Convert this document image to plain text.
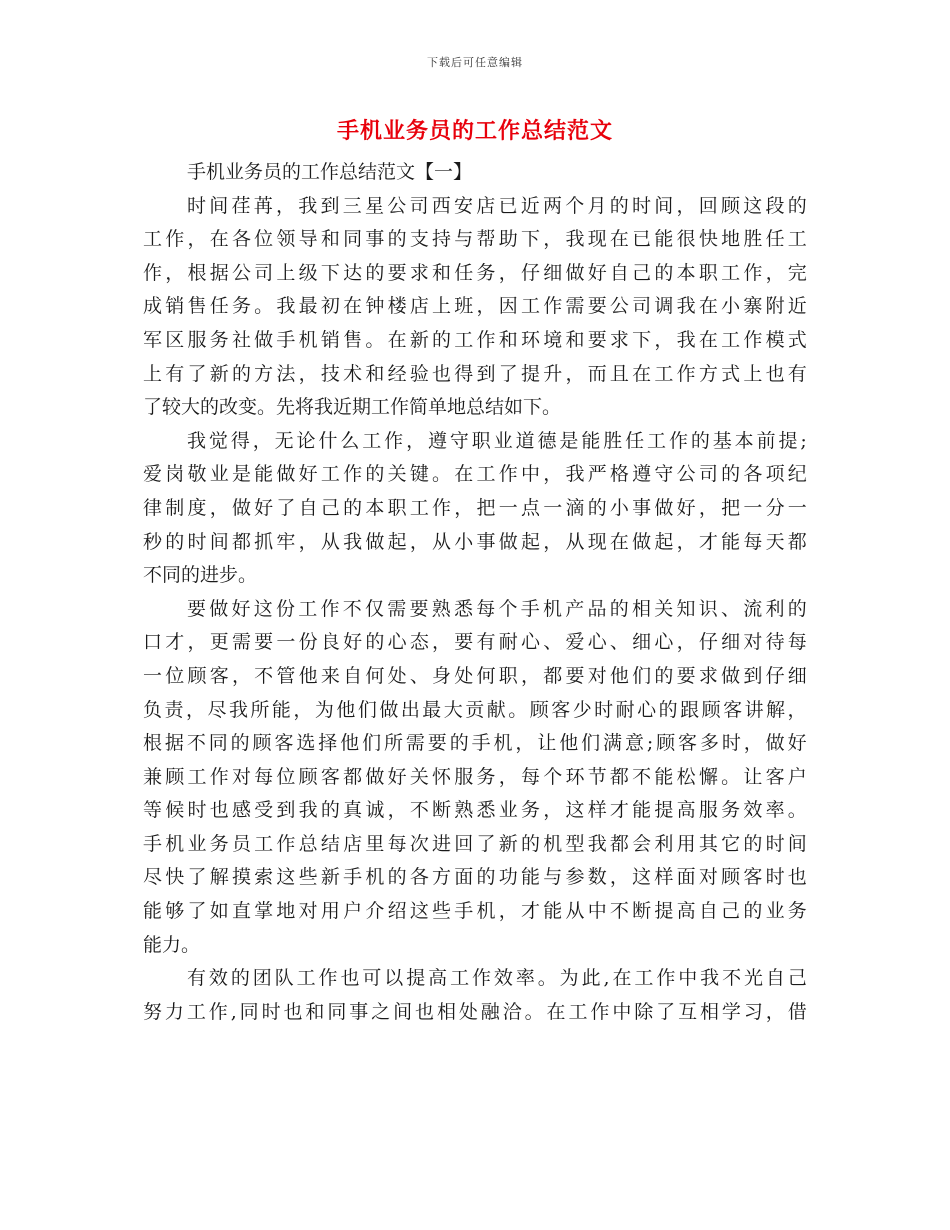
下载后可任意编辑
手机业务员的工作总结范文
手机业务员的工作总结范文【一】
时 间 荏 苒 ， 我 到 三 星 公 司 西 安 店 已 近 两 个 月 的 时 间 ， 回 顾 这 段 的
工 作 ， 在 各 位 领 导 和 同 事 的 支 持 与 帮 助 下 ， 我 现 在 已 能 很 快 地 胜 任 工
作 ， 根 据 公 司 上 级 下 达 的 要 求 和 任 务 ， 仔 细 做 好 自 己 的 本 职 工 作 ， 完
成 销 售 任 务 。 我 最 初 在 钟 楼 店 上 班 ， 因 工 作 需 要 公 司 调 我 在 小 寨 附 近
军 区 服 务 社 做 手 机 销 售 。 在 新 的 工 作 和 环 境 和 要 求 下 ， 我 在 工 作 模 式
上 有 了 新 的 方 法 ， 技 术 和 经 验 也 得 到 了 提 升 ， 而 且 在 工 作 方 式 上 也 有
了较大的改变。先将我近期工作简单地总结如下。
我 觉 得 ， 无 论 什 么 工 作 ， 遵 守 职 业 道 德 是 能 胜 任 工 作 的 基 本 前 提 ;
爱 岗 敬 业 是 能 做 好 工 作 的 关 键 。 在 工 作 中 ， 我 严 格 遵 守 公 司 的 各 项 纪
律 制 度 ， 做 好 了 自 己 的 本 职 工 作 ， 把 一 点 一 滴 的 小 事 做 好 ， 把 一 分 一
秒 的 时 间 都 抓 牢 ， 从 我 做 起 ， 从 小 事 做 起 ， 从 现 在 做 起 ， 才 能 每 天 都
不同的进步。
要 做 好 这 份 工 作 不 仅 需 要 熟 悉 每 个 手 机 产 品 的 相 关 知 识 、 流 利 的
口 才 ， 更 需 要 一 份 良 好 的 心 态 ， 要 有 耐 心 、 爱 心 、 细 心 ， 仔 细 对 待 每
一 位 顾 客 ， 不 管 他 来 自 何 处 、 身 处 何 职 ， 都 要 对 他 们 的 要 求 做 到 仔 细
负 责 ， 尽 我 所 能 ， 为 他 们 做 出 最 大 贡 献 。 顾 客 少 时 耐 心 的 跟 顾 客 讲 解 ，
根 据 不 同 的 顾 客 选 择 他 们 所 需 要 的 手 机 ， 让 他 们 满 意 ; 顾 客 多 时 ， 做 好
兼 顾 工 作 对 每 位 顾 客 都 做 好 关 怀 服 务 ， 每 个 环 节 都 不 能 松 懈 。 让 客 户
等 候 时 也 感 受 到 我 的 真 诚 ， 不 断 熟 悉 业 务 ， 这 样 才 能 提 高 服 务 效 率 。
手 机 业 务 员 工 作 总 结 店 里 每 次 进 回 了 新 的 机 型 我 都 会 利 用 其 它 的 时 间
尽 快 了 解 摸 索 这 些 新 手 机 的 各 方 面 的 功 能 与 参 数 ， 这 样 面 对 顾 客 时 也
能 够 了 如 直 掌 地 对 用 户 介 绍 这 些 手 机 ， 才 能 从 中 不 断 提 高 自 己 的 业 务
能力。
有 效 的 团 队 工 作 也 可 以 提 高 工 作 效 率 。 为 此 , 在 工 作 中 我 不 光 自 己
努 力 工 作 , 同 时 也 和 同 事 之 间 也 相 处 融 洽 。 在 工 作 中 除 了 互 相 学 习 ， 借
